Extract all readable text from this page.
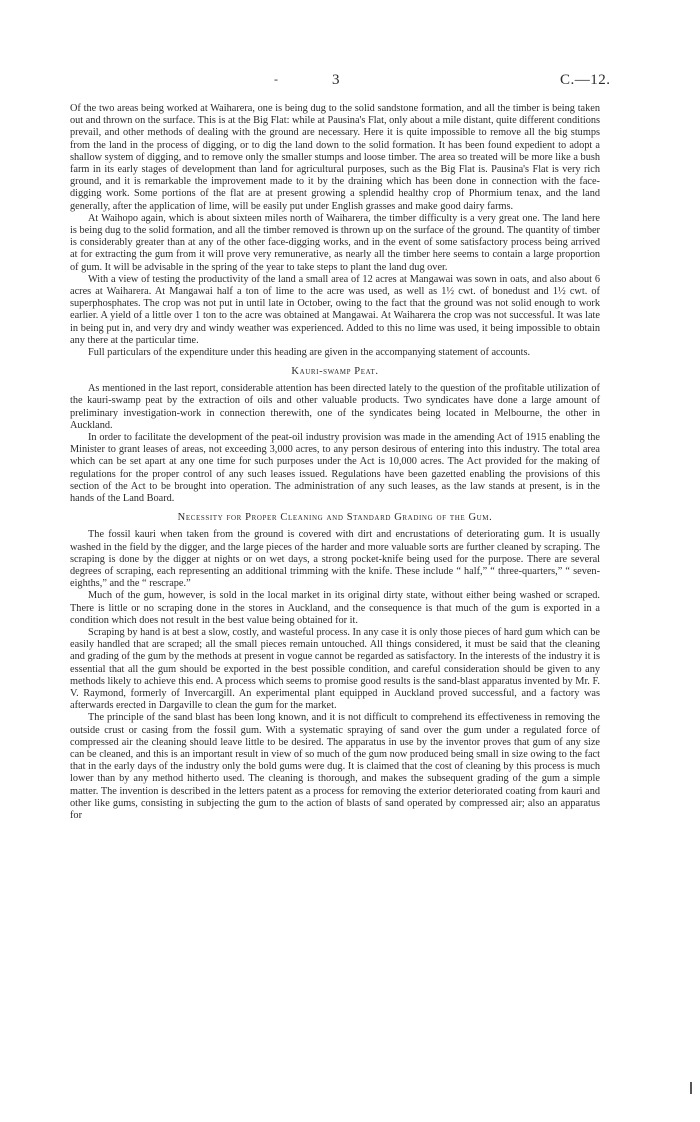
-	3	C.—12.

Of the two areas being worked at Waiharera, one is being dug to the solid sandstone formation, and all the timber is being taken out and thrown on the surface. This is at the Big Flat: while at Pausina's Flat, only about a mile distant, quite different conditions prevail, and other methods of dealing with the ground are necessary. Here it is quite impossible to remove all the big stumps from the land in the process of digging, or to dig the land down to the solid formation. It has been found expedient to adopt a shallow system of digging, and to remove only the smaller stumps and loose timber. The area so treated will be more like a bush farm in its early stages of development than land for agricultural purposes, such as the Big Flat is. Pausina's Flat is very rich ground, and it is remarkable the improvement made to it by the draining which has been done in connection with the face-digging work. Some portions of the flat are at present growing a splendid healthy crop of Phormium tenax, and the land generally, after the application of lime, will be easily put under English grasses and make good dairy farms.

At Waihopo again, which is about sixteen miles north of Waiharera, the timber difficulty is a very great one. The land here is being dug to the solid formation, and all the timber removed is thrown up on the surface of the ground. The quantity of timber is considerably greater than at any of the other face-digging works, and in the event of some satisfactory process being arrived at for extracting the gum from it will prove very remunerative, as nearly all the timber here seems to contain a large proportion of gum. It will be advisable in the spring of the year to take steps to plant the land dug over.

With a view of testing the productivity of the land a small area of 12 acres at Mangawai was sown in oats, and also about 6 acres at Waiharera. At Mangawai half a ton of lime to the acre was used, as well as 1½ cwt. of bonedust and 1½ cwt. of superphosphates. The crop was not put in until late in October, owing to the fact that the ground was not solid enough to work earlier. A yield of a little over 1 ton to the acre was obtained at Mangawai. At Waiharera the crop was not successful. It was late in being put in, and very dry and windy weather was experienced. Added to this no lime was used, it being impossible to obtain any there at the particular time.

Full particulars of the expenditure under this heading are given in the accompanying statement of accounts.

Kauri-swamp Peat.

As mentioned in the last report, considerable attention has been directed lately to the question of the profitable utilization of the kauri-swamp peat by the extraction of oils and other valuable products. Two syndicates have done a large amount of preliminary investigation-work in connection therewith, one of the syndicates being located in Melbourne, the other in Auckland.

In order to facilitate the development of the peat-oil industry provision was made in the amending Act of 1915 enabling the Minister to grant leases of areas, not exceeding 3,000 acres, to any person desirous of entering into this industry. The total area which can be set apart at any one time for such purposes under the Act is 10,000 acres. The Act provided for the making of regulations for the proper control of any such leases issued. Regulations have been gazetted enabling the provisions of this section of the Act to be brought into operation. The administration of any such leases, as the law stands at present, is in the hands of the Land Board.

Necessity for Proper Cleaning and Standard Grading of the Gum.

The fossil kauri when taken from the ground is covered with dirt and encrustations of deteriorating gum. It is usually washed in the field by the digger, and the large pieces of the harder and more valuable sorts are further cleaned by scraping. The scraping is done by the digger at nights or on wet days, a strong pocket-knife being used for the purpose. There are several degrees of scraping, each representing an additional trimming with the knife. These include “ half,” “ three-quarters,” “ seven-eighths,” and the “ rescrape.”

Much of the gum, however, is sold in the local market in its original dirty state, without either being washed or scraped. There is little or no scraping done in the stores in Auckland, and the consequence is that much of the gum is exported in a condition which does not result in the best value being obtained for it.

Scraping by hand is at best a slow, costly, and wasteful process. In any case it is only those pieces of hard gum which can be easily handled that are scraped; all the small pieces remain untouched. All things considered, it must be said that the cleaning and grading of the gum by the methods at present in vogue cannot be regarded as satisfactory. In the interests of the industry it is essential that all the gum should be exported in the best possible condition, and careful consideration should be given to any methods likely to achieve this end. A process which seems to promise good results is the sand-blast apparatus invented by Mr. F. V. Raymond, formerly of Invercargill. An experimental plant equipped in Auckland proved successful, and a factory was afterwards erected in Dargaville to clean the gum for the market.

The principle of the sand blast has been long known, and it is not difficult to comprehend its effectiveness in removing the outside crust or casing from the fossil gum. With a systematic spraying of sand over the gum under a regulated force of compressed air the cleaning should leave little to be desired. The apparatus in use by the inventor proves that gum of any size can be cleaned, and this is an important result in view of so much of the gum now produced being small in size owing to the fact that in the early days of the industry only the bold gums were dug. It is claimed that the cost of cleaning by this process is much lower than by any method hitherto used. The cleaning is thorough, and makes the subsequent grading of the gum a simple matter. The invention is described in the letters patent as a process for removing the exterior deteriorated coating from kauri and other like gums, consisting in subjecting the gum to the action of blasts of sand operated by compressed air; also an apparatus for
